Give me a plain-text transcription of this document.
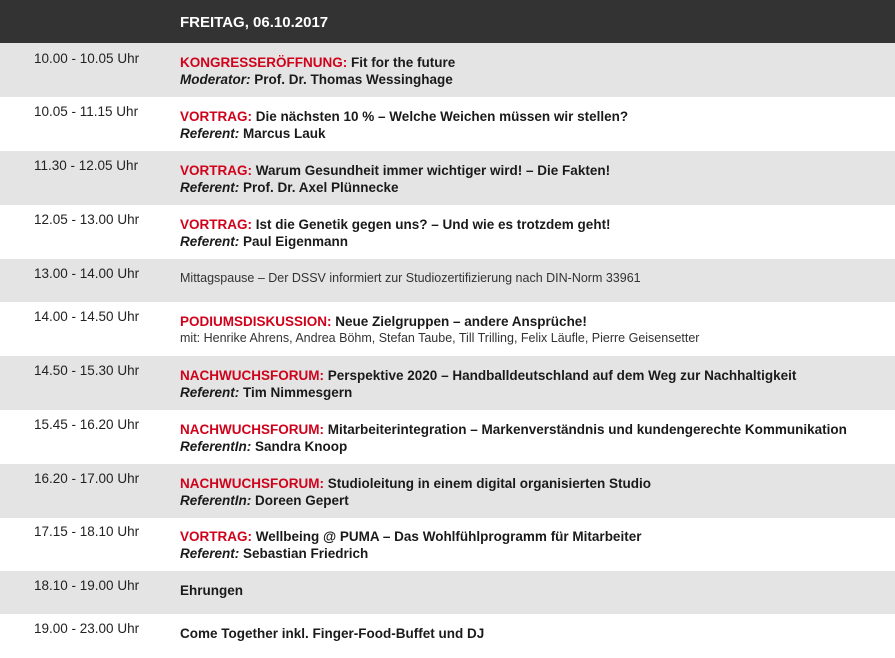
FREITAG, 06.10.2017
10.00 - 10.05 Uhr	KONGRESSERÖFFNUNG: Fit for the future
Moderator: Prof. Dr. Thomas Wessinghage
10.05 - 11.15 Uhr	VORTRAG: Die nächsten 10 % – Welche Weichen müssen wir stellen?
Referent: Marcus Lauk
11.30 - 12.05 Uhr	VORTRAG: Warum Gesundheit immer wichtiger wird! – Die Fakten!
Referent: Prof. Dr. Axel Plünnecke
12.05 - 13.00 Uhr	VORTRAG: Ist die Genetik gegen uns? – Und wie es trotzdem geht!
Referent: Paul Eigenmann
13.00 - 14.00 Uhr	Mittagspause – Der DSSV informiert zur Studiozertifizierung nach DIN-Norm 33961
14.00 - 14.50 Uhr	PODIUMSDISKUSSION: Neue Zielgruppen – andere Ansprüche!
mit: Henrike Ahrens, Andrea Böhm, Stefan Taube, Till Trilling, Felix Läufle, Pierre Geisensetter
14.50 - 15.30 Uhr	NACHWUCHSFORUM: Perspektive 2020 – Handballdeutschland auf dem Weg zur Nachhaltigkeit
Referent: Tim Nimmesgern
15.45 - 16.20 Uhr	NACHWUCHSFORUM: Mitarbeiterintegration – Markenverständnis und kundengerechte Kommunikation
ReferentIn: Sandra Knoop
16.20 - 17.00 Uhr	NACHWUCHSFORUM: Studioleitung in einem digital organisierten Studio
ReferentIn: Doreen Gepert
17.15 - 18.10 Uhr	VORTRAG: Wellbeing @ PUMA – Das Wohlfühlprogramm für Mitarbeiter
Referent: Sebastian Friedrich
18.10 - 19.00 Uhr	Ehrungen
19.00 - 23.00 Uhr	Come Together inkl. Finger-Food-Buffet und DJ
